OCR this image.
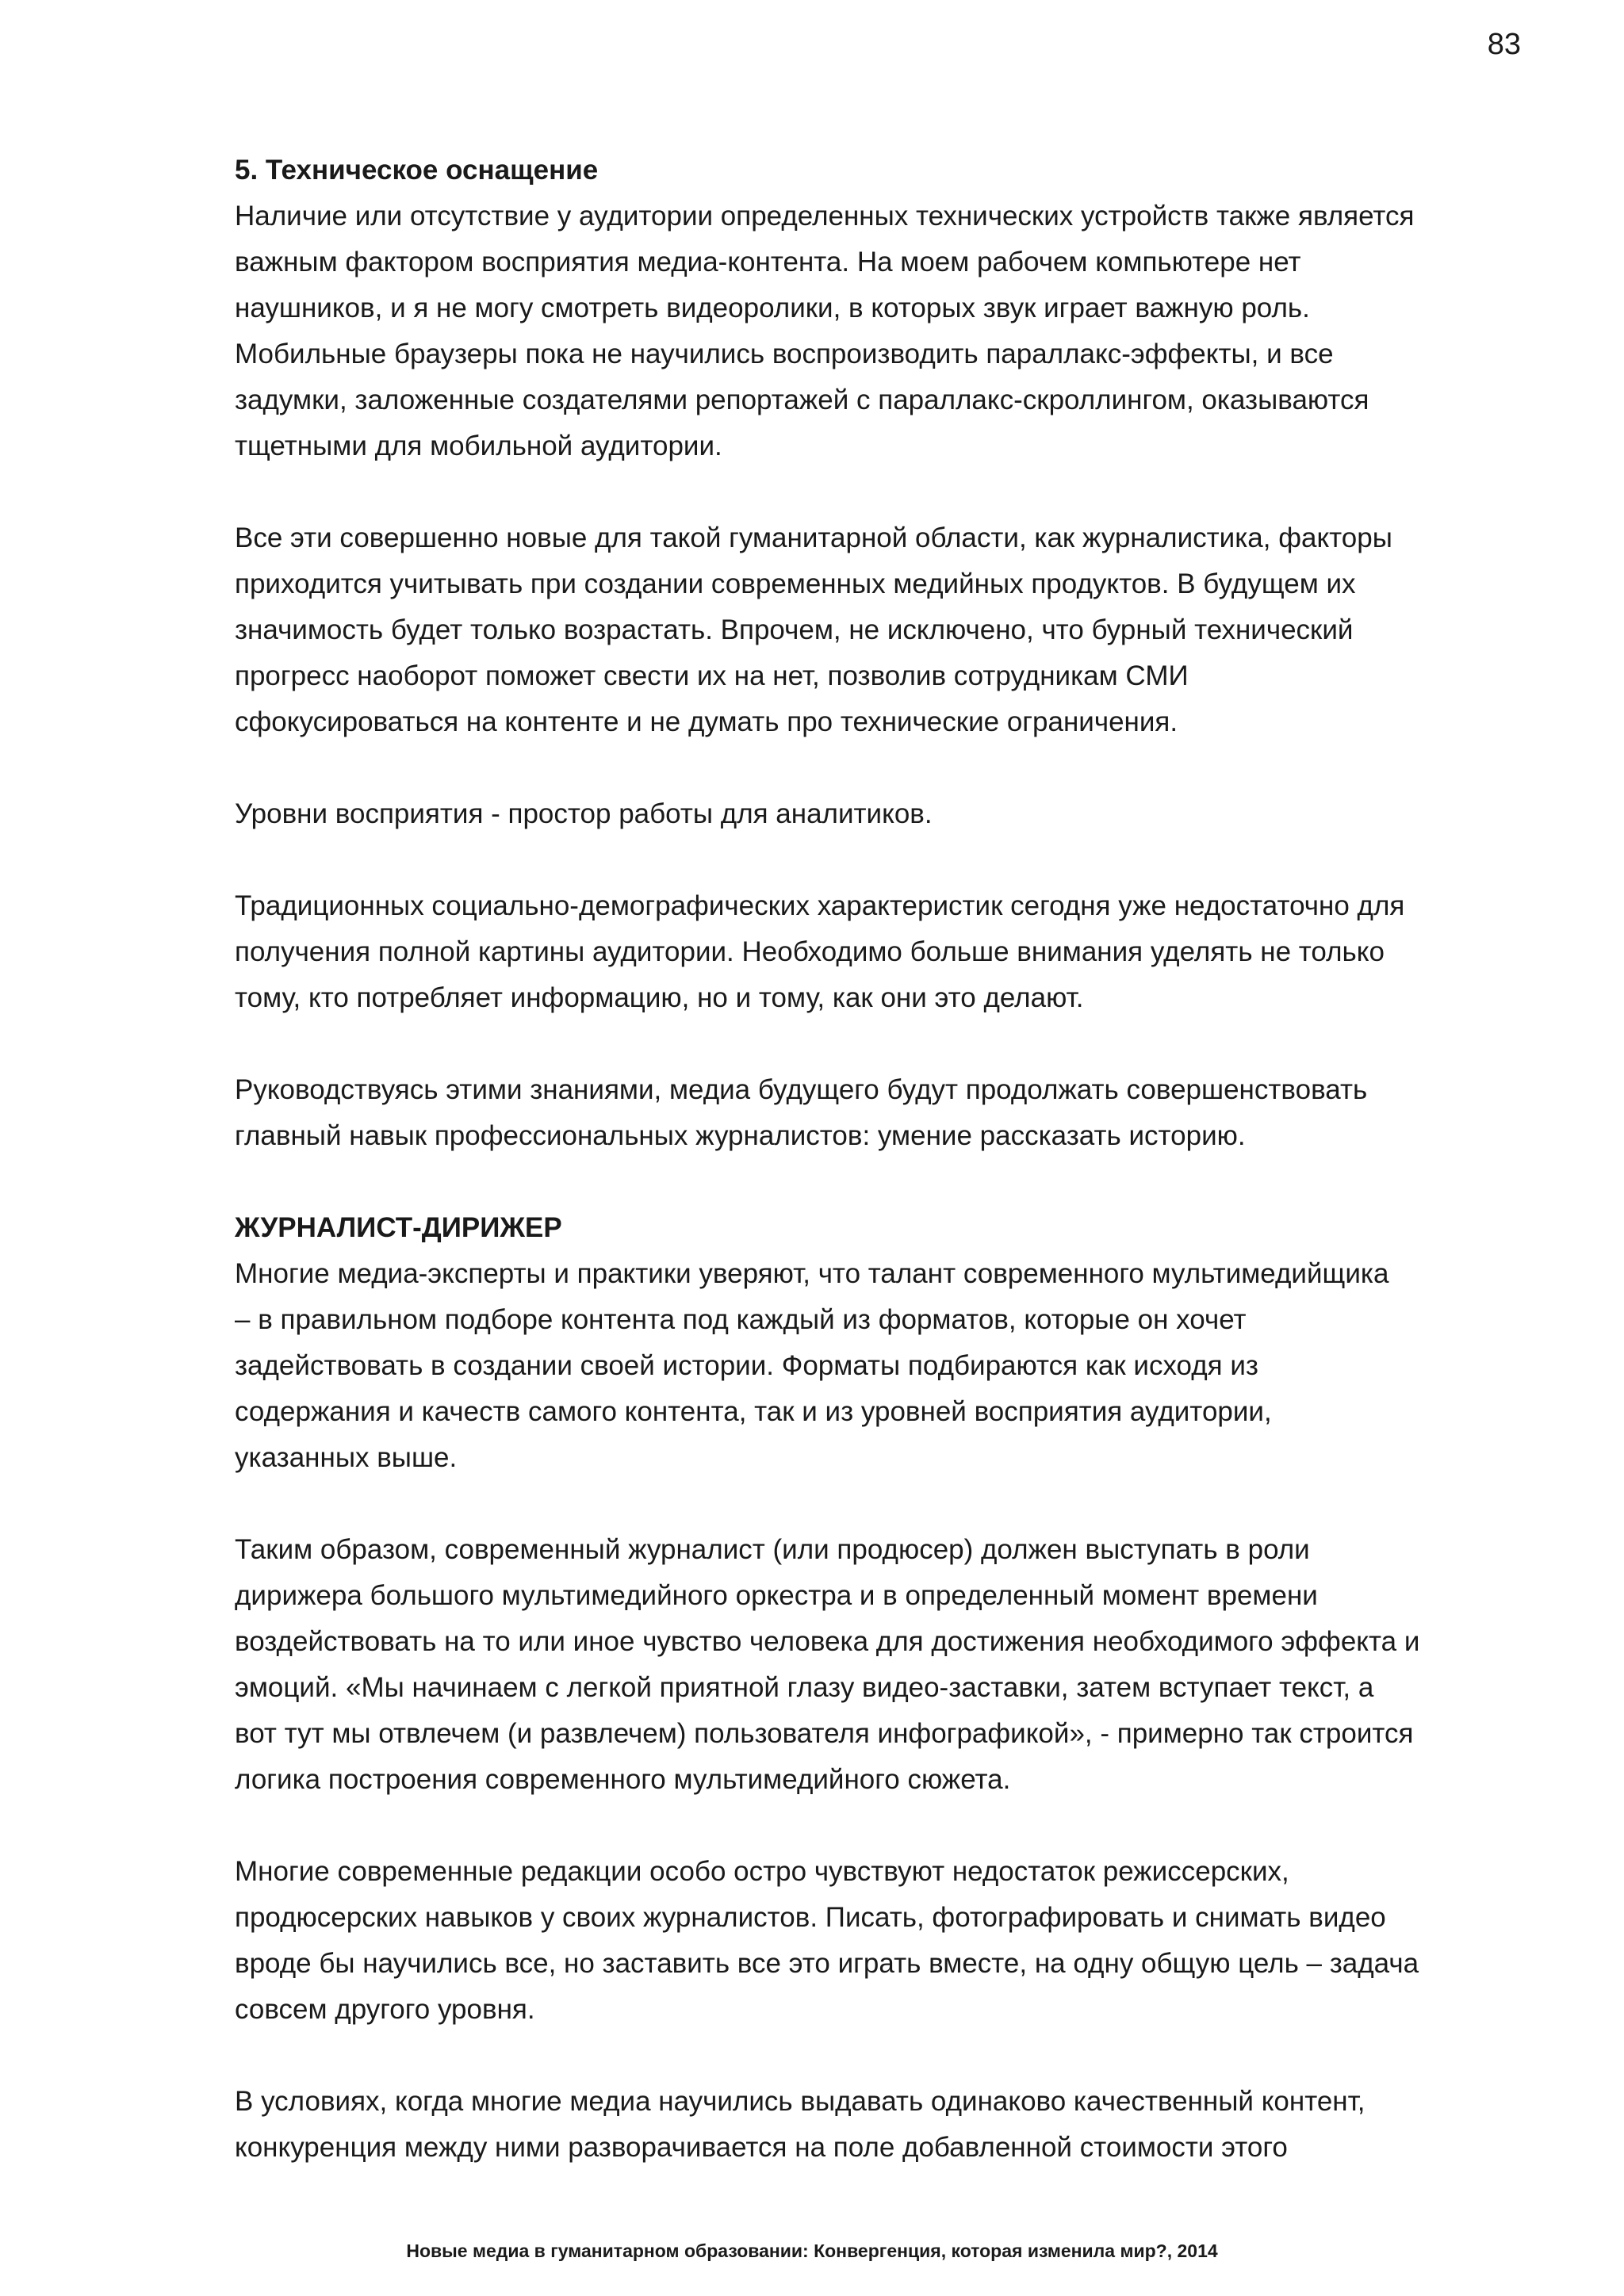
83
5. Техническое оснащение
Наличие или отсутствие у аудитории определенных технических устройств также является
важным фактором восприятия медиа-контента. На моем рабочем компьютере нет
наушников, и я не могу смотреть видеоролики, в которых звук играет важную роль.
Мобильные браузеры пока не научились воспроизводить параллакс-эффекты, и все
задумки, заложенные создателями репортажей с параллакс-скроллингом, оказываются
тщетными для мобильной аудитории.
Все эти совершенно новые для такой гуманитарной области, как журналистика, факторы
приходится учитывать при создании современных медийных продуктов. В будущем их
значимость будет только возрастать. Впрочем, не исключено, что бурный технический
прогресс наоборот поможет свести их на нет, позволив сотрудникам СМИ
сфокусироваться на контенте и не думать про технические ограничения.
Уровни восприятия - простор работы для аналитиков.
Традиционных социально-демографических характеристик сегодня уже недостаточно для
получения полной картины аудитории. Необходимо больше внимания уделять не только
тому, кто потребляет информацию, но и тому, как они это делают.
Руководствуясь этими знаниями, медиа будущего будут продолжать совершенствовать
главный навык профессиональных журналистов: умение рассказать историю.
ЖУРНАЛИСТ-ДИРИЖЕР
Многие медиа-эксперты и практики уверяют, что талант современного мультимедийщика
– в правильном подборе контента под каждый из форматов, которые он хочет
задействовать в создании своей истории. Форматы подбираются как исходя из
содержания и качеств самого контента, так и из уровней восприятия аудитории,
указанных выше.
Таким образом, современный журналист (или продюсер) должен выступать в роли
дирижера большого мультимедийного оркестра и в определенный момент времени
воздействовать на то или иное чувство человека для достижения необходимого эффекта и
эмоций. «Мы начинаем с легкой приятной глазу видео-заставки, затем вступает текст, а
вот тут мы отвлечем (и развлечем) пользователя инфографикой», - примерно так строится
логика построения современного мультимедийного сюжета.
Многие современные редакции особо остро чувствуют недостаток режиссерских,
продюсерских навыков у своих журналистов. Писать, фотографировать и снимать видео
вроде бы научились все, но заставить все это играть вместе, на одну общую цель – задача
совсем другого уровня.
В условиях, когда многие медиа научились выдавать одинаково качественный контент,
конкуренция между ними разворачивается на поле добавленной стоимости этого
Новые медиа в гуманитарном образовании: Конвергенция, которая изменила мир?, 2014
